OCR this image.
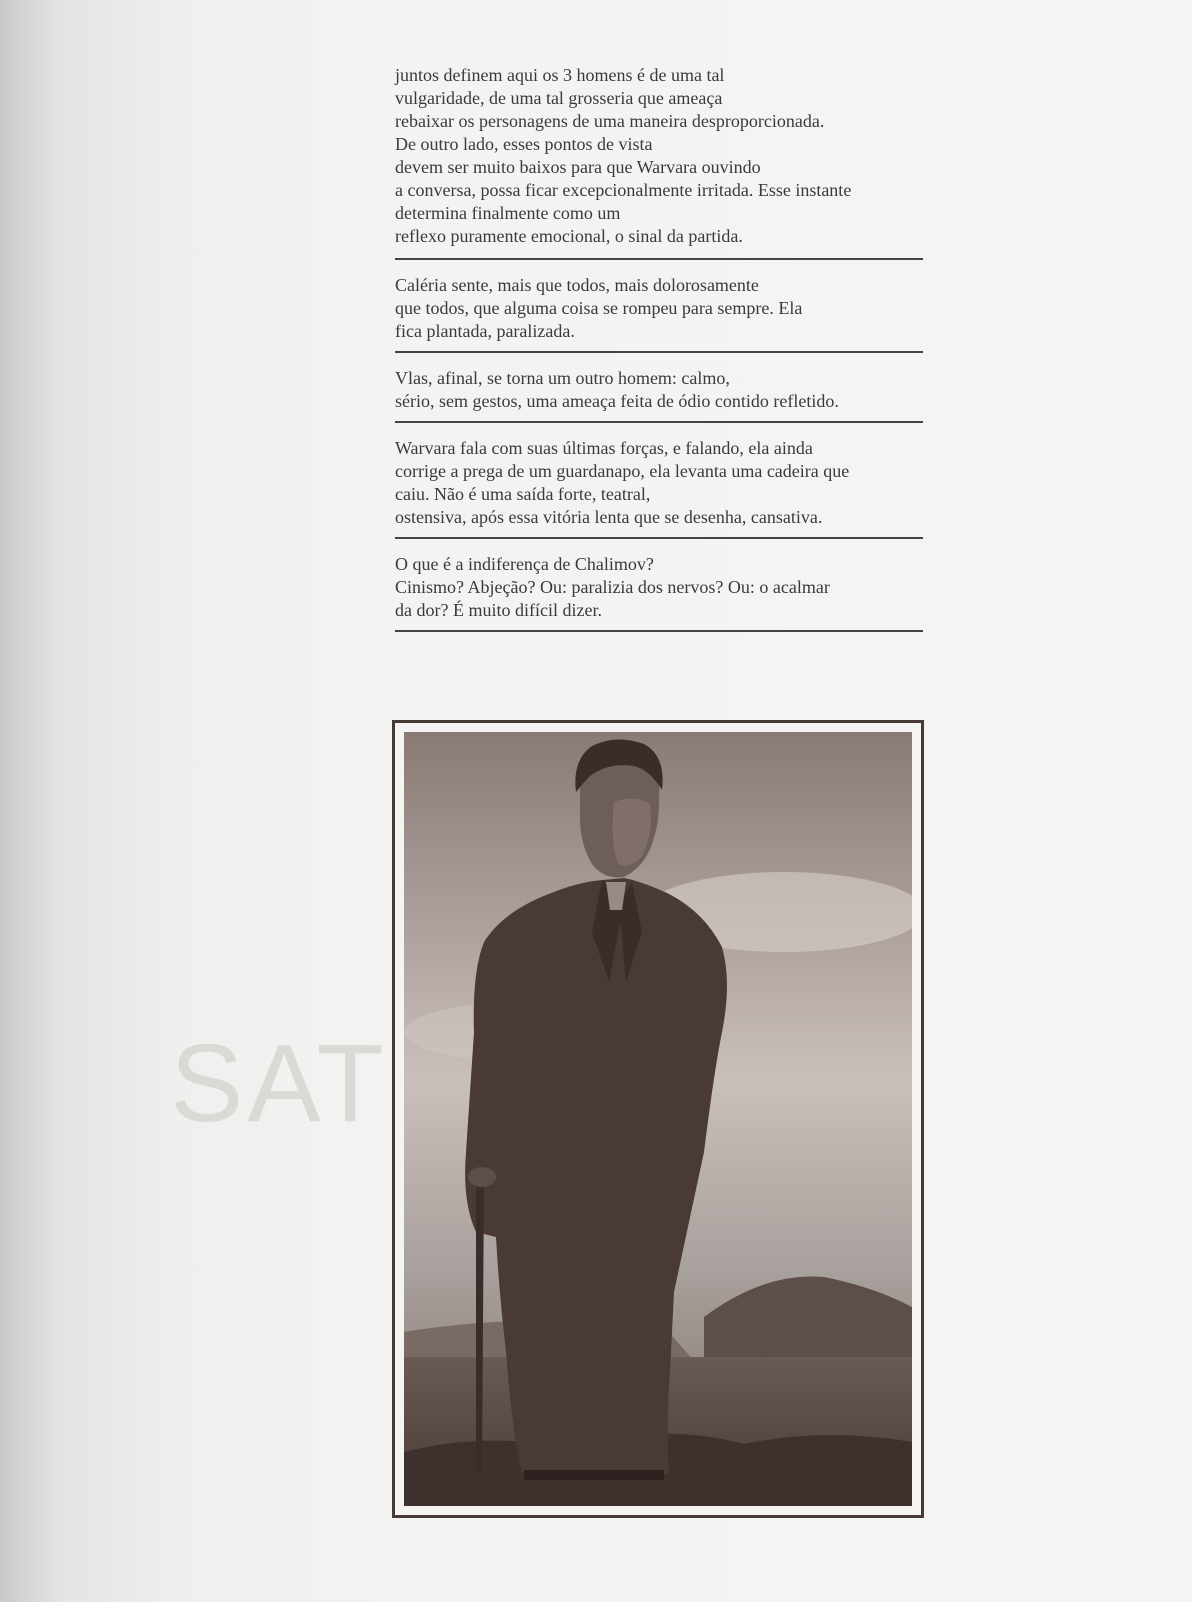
SAT

juntos definem aqui os 3 homens é de uma tal
vulgaridade, de uma tal grosseria que ameaça
rebaixar os personagens de uma maneira desproporcionada.
De outro lado, esses pontos de vista
devem ser muito baixos para que Warvara ouvindo
a conversa, possa ficar excepcionalmente irritada. Esse instante
determina finalmente como um
reflexo puramente emocional, o sinal da partida.

Caléria sente, mais que todos, mais dolorosamente
que todos, que alguma coisa se rompeu para sempre. Ela
fica plantada, paralizada.

Vlas, afinal, se torna um outro homem: calmo,
sério, sem gestos, uma ameaça feita de ódio contido refletido.

Warvara fala com suas últimas forças, e falando, ela ainda
corrige a prega de um guardanapo, ela levanta uma cadeira que
caiu. Não é uma saída forte, teatral,
ostensiva, após essa vitória lenta que se desenha, cansativa.

O que é a indiferença de Chalimov?
Cinismo? Abjeção? Ou: paralizia dos nervos? Ou: o acalmar
da dor? É muito difícil dizer.
